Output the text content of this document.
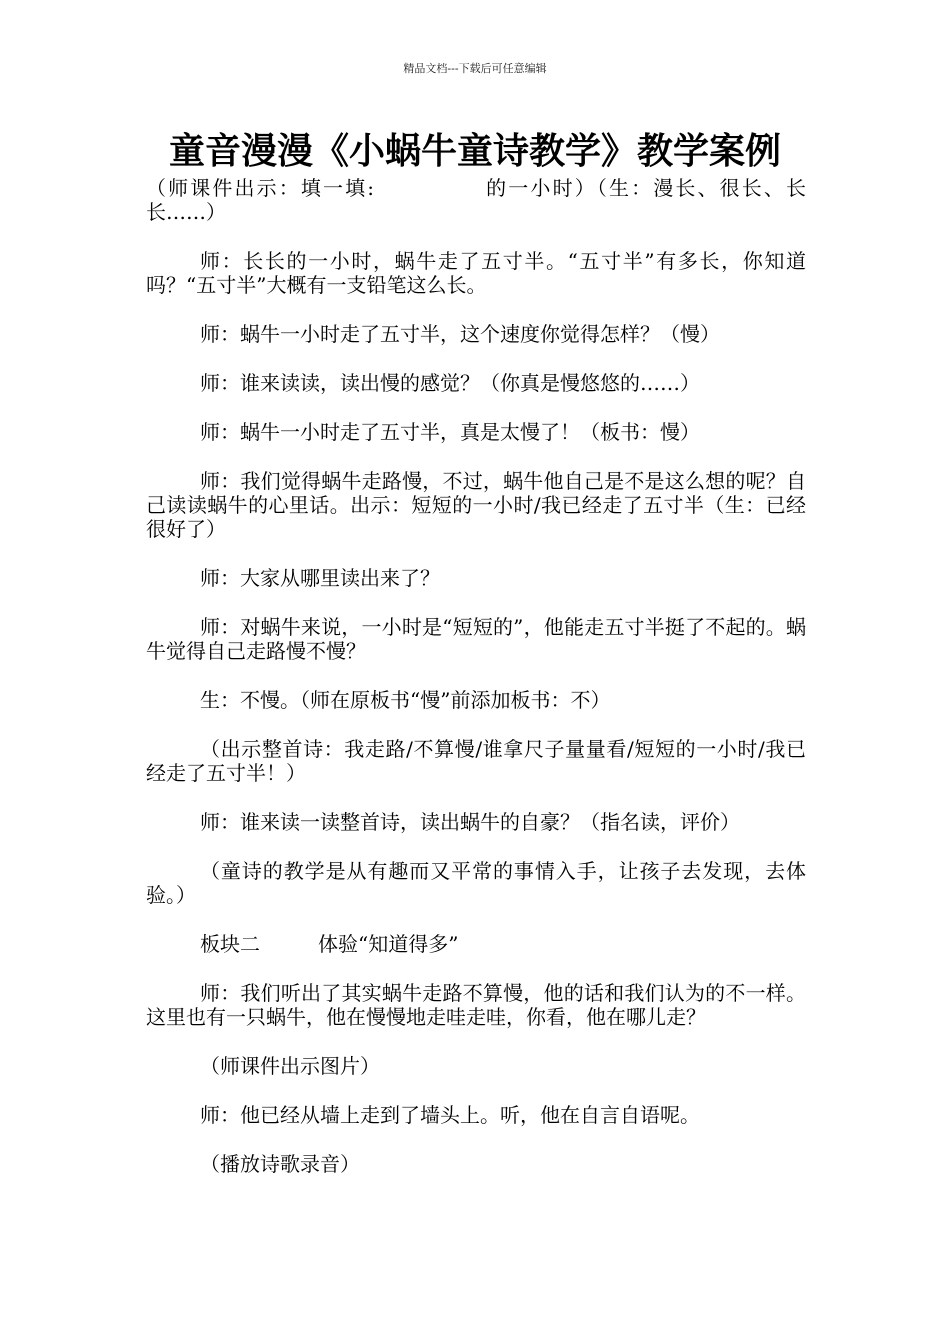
精品文档---下载后可任意编辑
童音漫漫《小蜗牛童诗教学》教学案例

（师课件出示：填一填:	的一小时）（生：漫长、很长、长长……）

师：长长的一小时，蜗牛走了五寸半。“五寸半”有多长，你知道吗？“五寸半”大概有一支铅笔这么长。

师：蜗牛一小时走了五寸半，这个速度你觉得怎样？（慢）

师：谁来读读，读出慢的感觉？（你真是慢悠悠的……）

师：蜗牛一小时走了五寸半，真是太慢了！（板书：慢）

师：我们觉得蜗牛走路慢，不过，蜗牛他自己是不是这么想的呢？自己读读蜗牛的心里话。出示：短短的一小时/我已经走了五寸半（生：已经很好了）

师：大家从哪里读出来了？

师：对蜗牛来说，一小时是“短短的”，他能走五寸半挺了不起的。蜗牛觉得自己走路慢不慢？

生：不慢。（师在原板书“慢”前添加板书：不）

（出示整首诗：我走路/不算慢/谁拿尺子量量看/短短的一小时/我已经走了五寸半！）

师：谁来读一读整首诗，读出蜗牛的自豪？（指名读，评价）

（童诗的教学是从有趣而又平常的事情入手，让孩子去发现，去体验。）

板块二	体验“知道得多”

师：我们听出了其实蜗牛走路不算慢，他的话和我们认为的不一样。这里也有一只蜗牛，他在慢慢地走哇走哇，你看，他在哪儿走？

（师课件出示图片）

师：他已经从墙上走到了墙头上。听，他在自言自语呢。

（播放诗歌录音）
